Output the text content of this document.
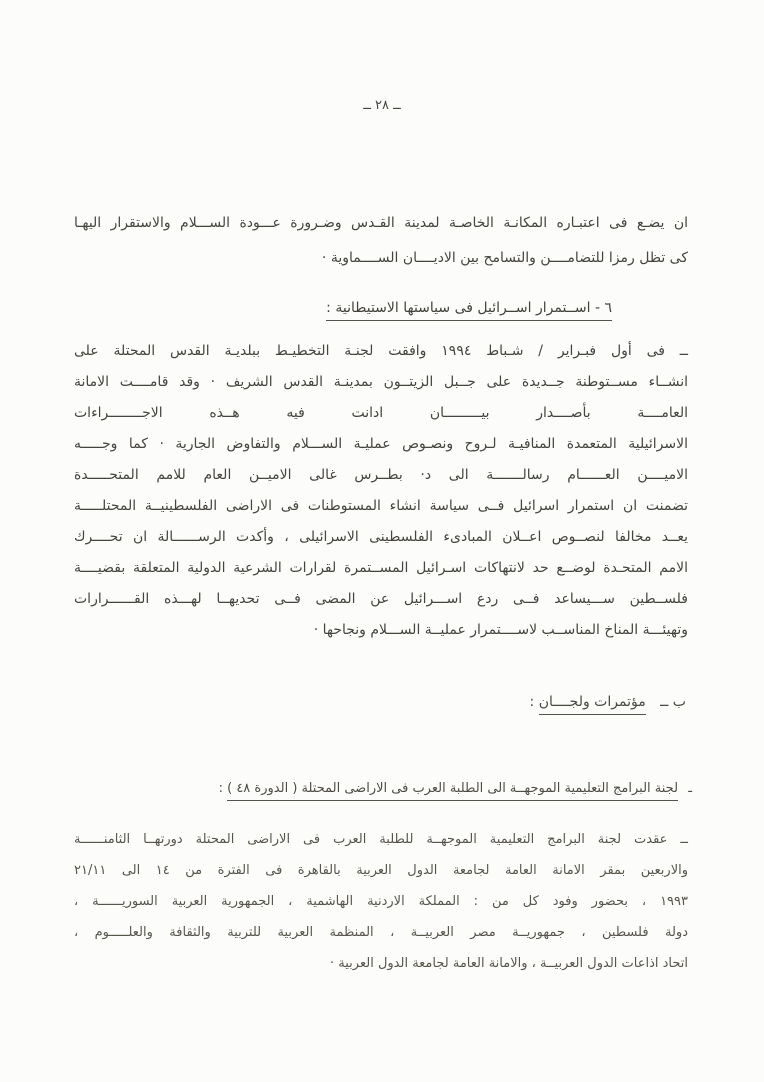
ــ ٢٨ ــ
ان يضـع فى اعتبـاره المكانـة الخاصـة لمدينة القـدس وضـرورة عـــودة الســـلام والاستقرار اليهـا
كى تظل رمزا للتضامــــن والتسامح بين الاديــــان الســــماوية ·
٦ - اســتمرار اســرائيل فى سياستها الاستيطانية :
ــ فى أول فبـراير / شـباط ١٩٩٤ وافقت لجنـة التخطيـط ببلديـة القدس المحتلة على
انشــاء مســتوطنة جــديدة على جــبل الزيتــون بمدينـة القدس الشريف · وقد قامــــت الامانة
العامــــة بأصــــدار بيـــــــــان ادانت فيه هــذه الاجــــــــراءات
الاسرائيلية المتعمدة المنافيـة لـروح ونصـوص عمليـة الســـلام والتفاوض الجارية · كما وجـــــه
الاميــــن العــــــام رسالـــــــة الى د· بطــرس غالى الاميــن العام للامم المتحـــــدة
تضمنت ان استمرار اسرائيل فــى سياسة انشاء المستوطنات فى الاراضى الفلسطينيــة المحتلـــــة
يعــد مخالفا لنصــوص اعــلان المبادىء الفلسطينى الاسرائيلى ، وأكدت الرســــــالة ان تحــــرك
الامم المتحـدة لوضــع حد لانتهاكات اسـرائيل المســتمرة لقرارات الشرعية الدولية المتعلقة بقضيــــة
فلســطين ســـيساعد فــى ردع اســـرائيل عن المضى فــى تحديهــا لهـــذه القــــــرارات
وتهيئـــة المناخ المناســب لاســــتمرار عمليــة الســـلام ونجاحها ·
ب ــ مؤتمرات ولجــــان :
ـ لجنة البرامج التعليمية الموجهــة الى الطلبة العرب فى الاراضى المحتلة ( الدورة ٤٨ ) :
ــ عقدت لجنة البرامج التعليمية الموجهــة للطلبة العرب فى الاراضى المحتلة دورتهــا الثامنــــــة
والاربعين بمقر الامانة العامة لجامعة الدول العربية بالقاهرة فى الفترة من ١٤ الى ٢١/١١
١٩٩٣ ، بحضور وفود كل من : المملكة الاردنية الهاشمية ، الجمهورية العربية السوريــــــة ،
دولة فلسطين ، جمهوريــة مصر العربيــة ، المنظمة العربية للتربية والثقافة والعلـــــوم ،
اتحاد اذاعات الدول العربيــة ، والامانة العامة لجامعة الدول العربية ·
